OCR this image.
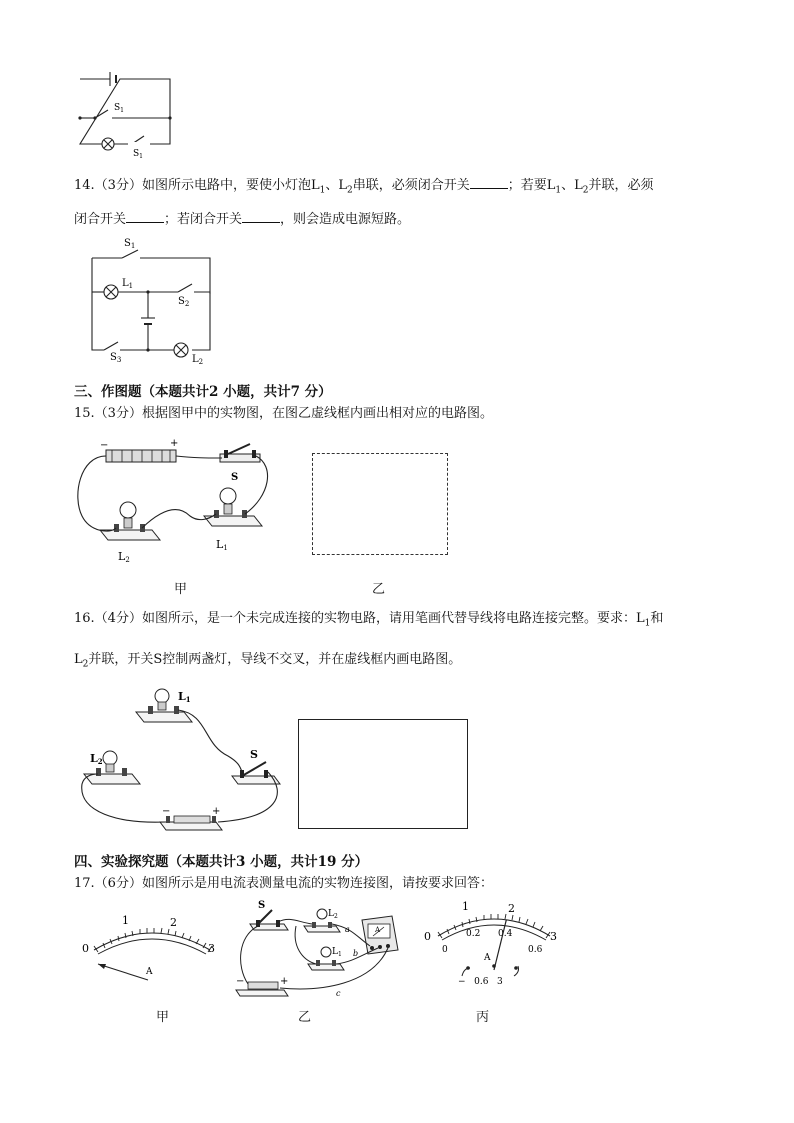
$S_1$
$S_1$
14.（3分）如图所示电路中，要使小灯泡$L_1$、$L_2$串联，必须闭合开关	；若要$L_1$、$L_2$并联，必须
闭合开关	；若闭合开关	，则会造成电源短路。
$S_1$
$L_1$
$S_2$
$S_3$	$L_2$
三、作图题（本题共计2 小题，共计7 分）
15.（3分）根据图甲中的实物图，在图乙虚线框内画出相对应的电路图。
−	+
S
L2
L1
甲	乙
16.（4分）如图所示，是一个未完成连接的实物电路，请用笔画代替导线将电路连接完整。要求：$L_1$和
$L_2$并联，开关S控制两盏灯，导线不交叉，并在虚线框内画电路图。
L1
L2
S
−	+
四、实验探究题（本题共计3 小题，共计19 分）
17.（6分）如图所示是用电流表测量电流的实物连接图，请按要求回答：
0
1	2
3
A
甲
S
$L_2$
$L_1$
A
−	+
a
b
c
乙
0
1	2
3
0
0.2 0.4
0.6
A
−   0.6   3
丙
